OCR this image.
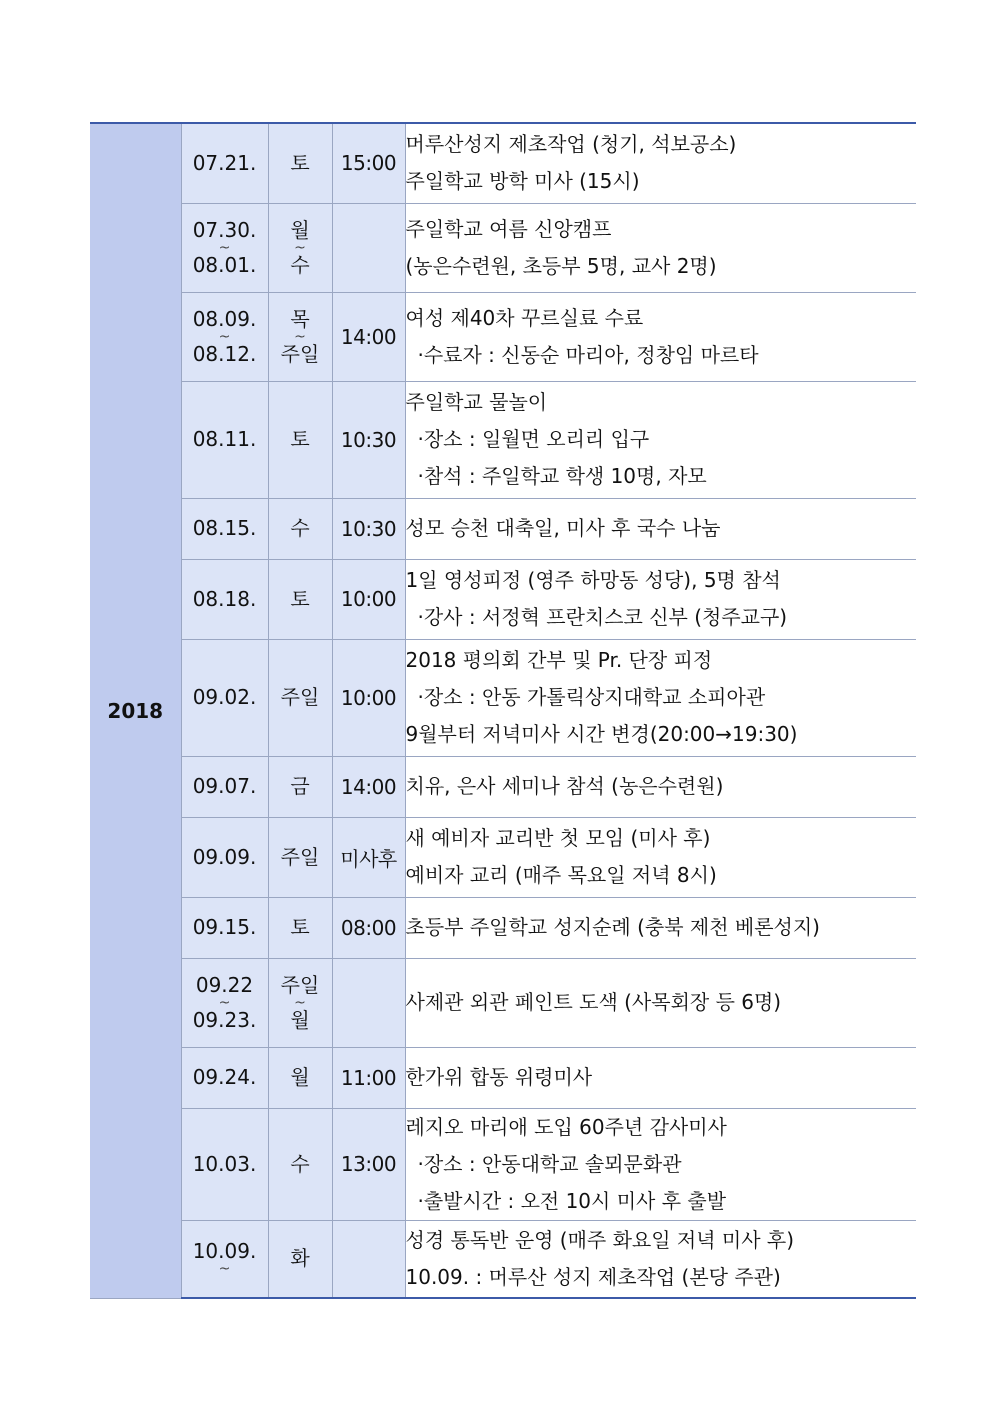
2018	07.21.	토	15:00	머루산성지 제초작업 (청기, 석보공소)
주일학교 방학 미사 (15시)

	07.30.
~
08.01.	월
~
수		주일학교 여름 신앙캠프
(농은수련원, 초등부 5명, 교사 2명)

	08.09.
~
08.12.	목
~
주일	14:00	여성 제40차 꾸르실료 수료
·수료자 : 신동순 마리아, 정창임 마르타

	08.11.	토	10:30	주일학교 물놀이
·장소 : 일월면 오리리 입구
·참석 : 주일학교 학생 10명, 자모

	08.15.	수	10:30	성모 승천 대축일, 미사 후 국수 나눔

	08.18.	토	10:00	1일 영성피정 (영주 하망동 성당), 5명 참석
·강사 : 서정혁 프란치스코 신부 (청주교구)

	09.02.	주일	10:00	2018 평의회 간부 및 Pr. 단장 피정
·장소 : 안동 가톨릭상지대학교 소피아관
9월부터 저녁미사 시간 변경(20:00→19:30)

	09.07.	금	14:00	치유, 은사 세미나 참석 (농은수련원)

	09.09.	주일	미사후	새 예비자 교리반 첫 모임 (미사 후)
예비자 교리 (매주 목요일 저녁 8시)

	09.15.	토	08:00	초등부 주일학교 성지순례 (충북 제천 베론성지)

	09.22
~
09.23.	주일
~
월		사제관 외관 페인트 도색 (사목회장 등 6명)

	09.24.	월	11:00	한가위 합동 위령미사

	10.03.	수	13:00	레지오 마리애 도입 60주년 감사미사
·장소 : 안동대학교 솔뫼문화관
·출발시간 : 오전 10시 미사 후 출발

	10.09.
~	화		성경 통독반 운영 (매주 화요일 저녁 미사 후)
10.09. : 머루산 성지 제초작업 (본당 주관)
